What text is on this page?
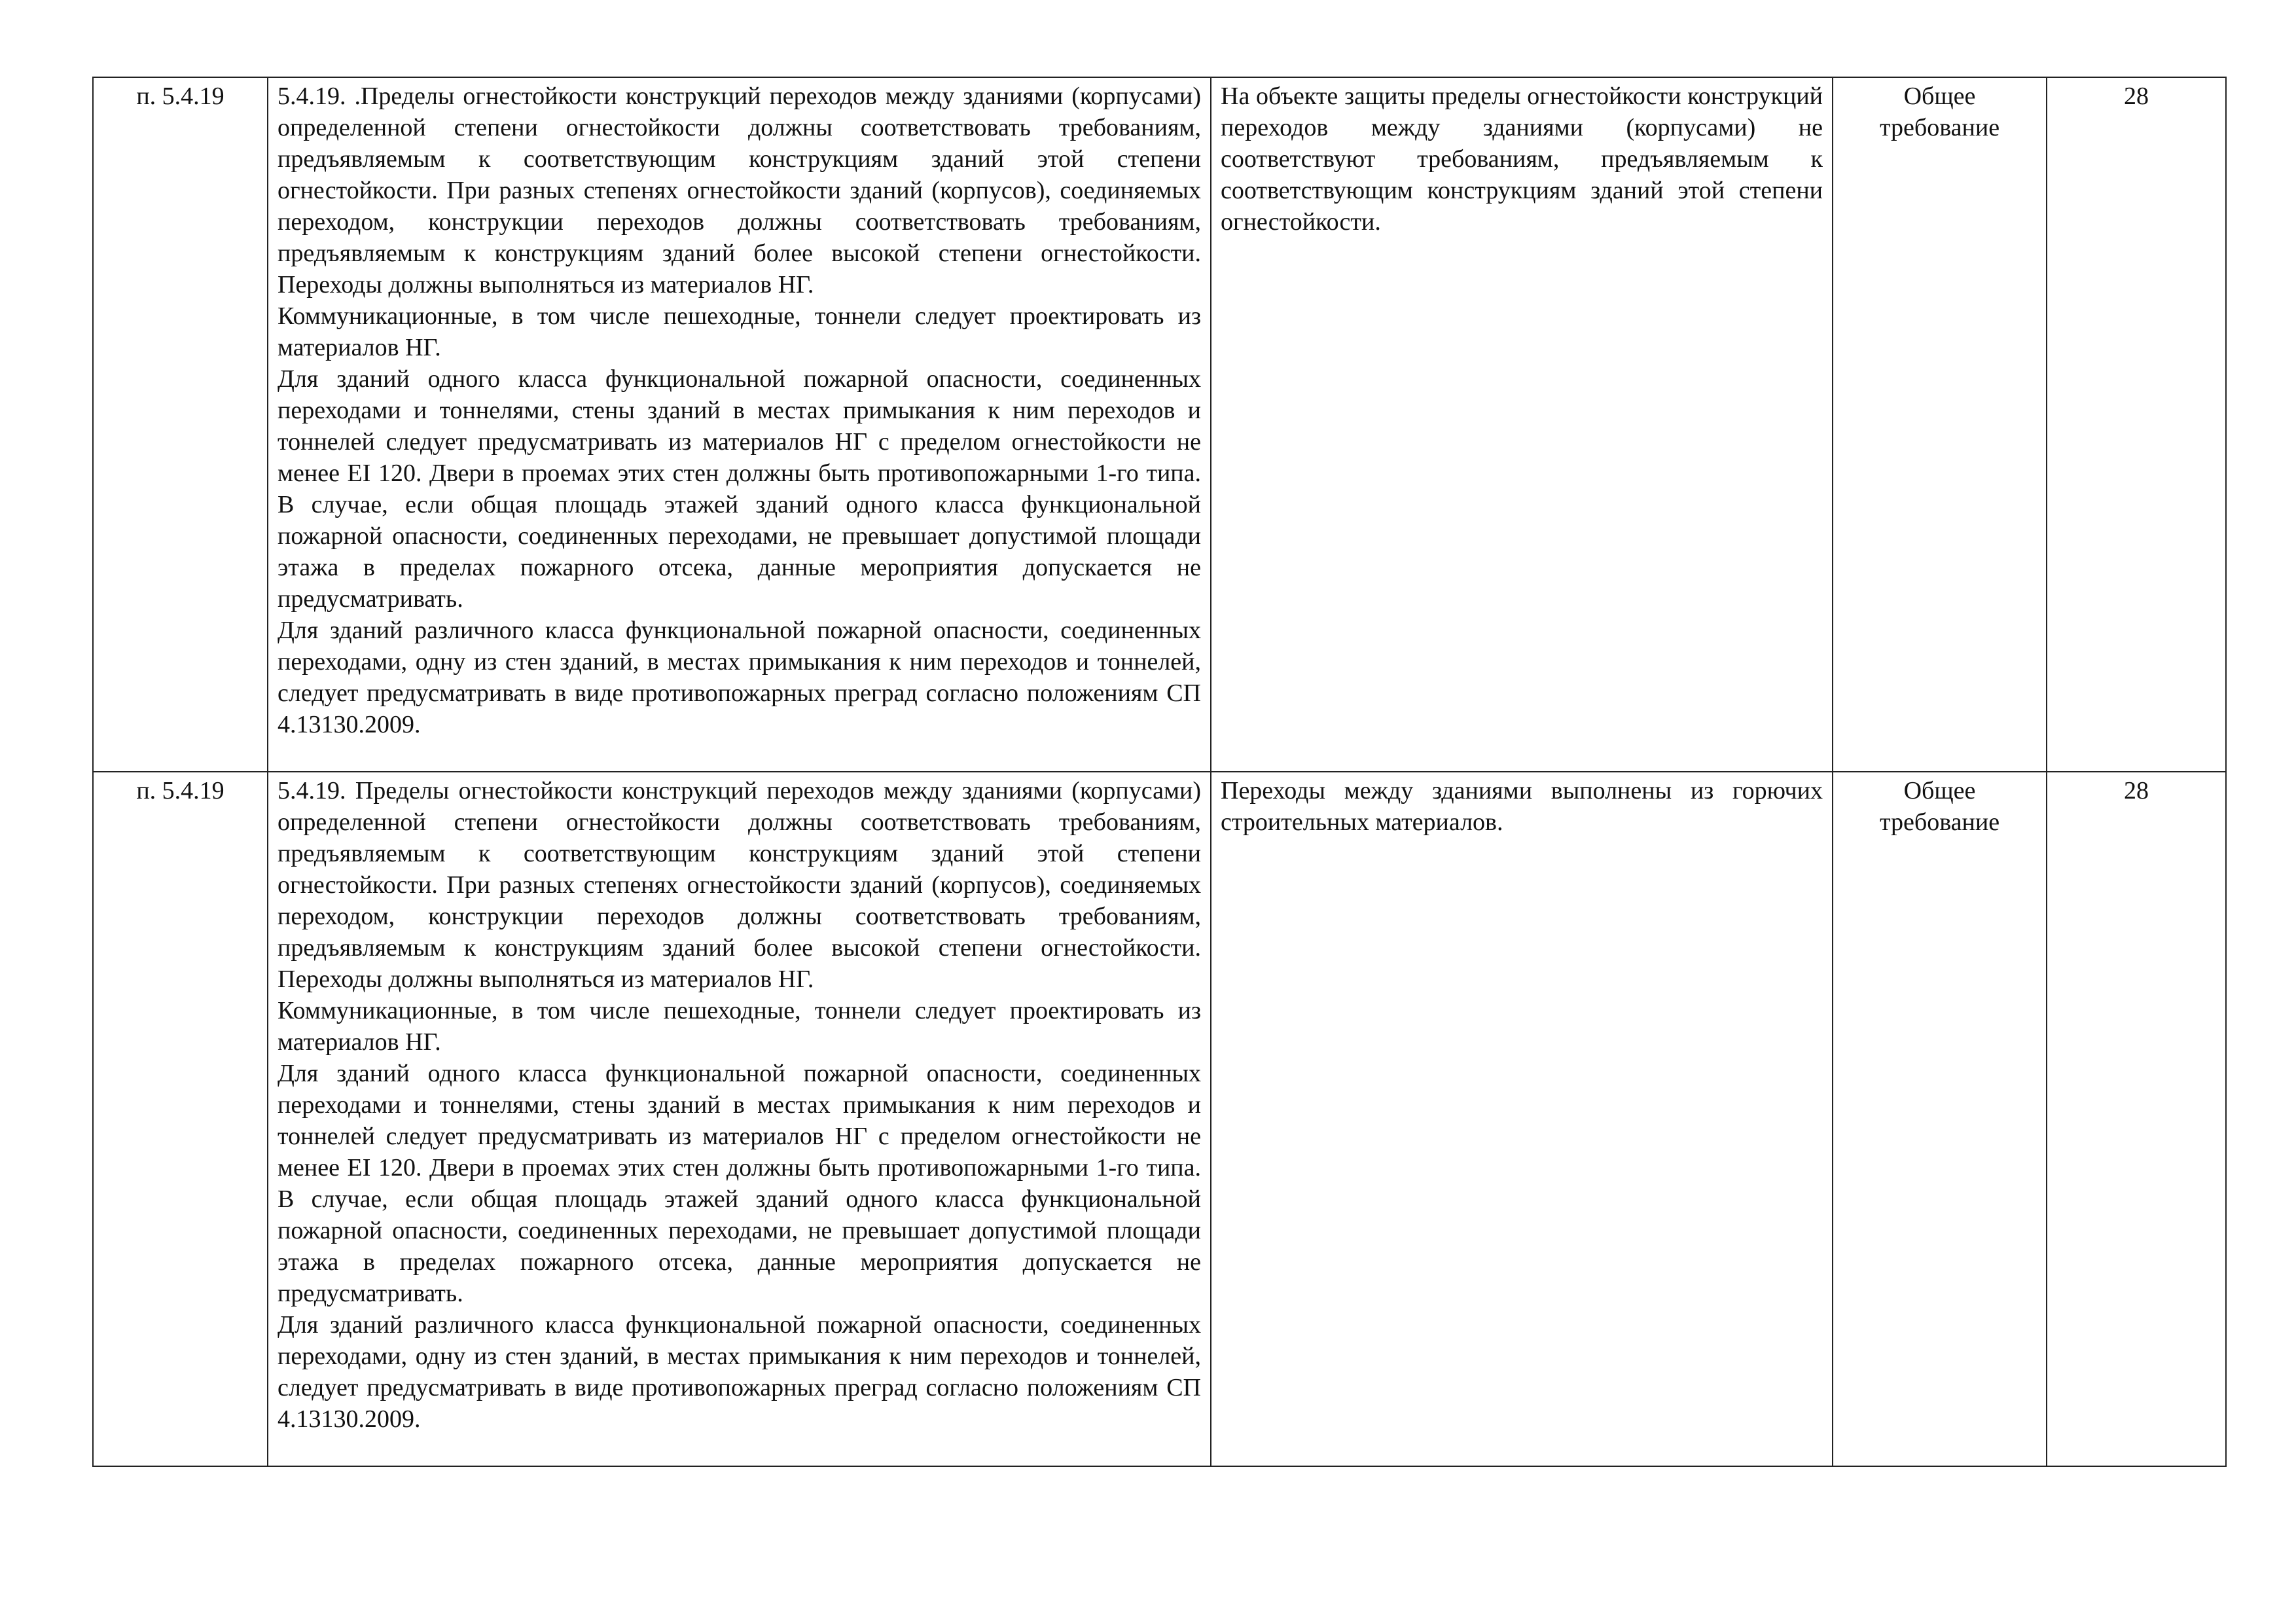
п. 5.4.19	5.4.19. .Пределы огнестойкости конструкций переходов между зданиями (корпусами) определенной степени огнестойкости должны соответствовать требованиям, предъявляемым к соответствующим конструкциям зданий этой степени огнестойкости. При разных степенях огнестойкости зданий (корпусов), соединяемых переходом, конструкции переходов должны соответствовать требованиям, предъявляемым к конструкциям зданий более высокой степени огнестойкости. Переходы должны выполняться из материалов НГ.
Коммуникационные, в том числе пешеходные, тоннели следует проектировать из материалов НГ.
Для зданий одного класса функциональной пожарной опасности, соединенных переходами и тоннелями, стены зданий в местах примыкания к ним переходов и тоннелей следует предусматривать из материалов НГ с пределом огнестойкости не менее EI 120. Двери в проемах этих стен должны быть противопожарными 1-го типа. В случае, если общая площадь этажей зданий одного класса функциональной пожарной опасности, соединенных переходами, не превышает допустимой площади этажа в пределах пожарного отсека, данные мероприятия допускается не предусматривать.
Для зданий различного класса функциональной пожарной опасности, соединенных переходами, одну из стен зданий, в местах примыкания к ним переходов и тоннелей, следует предусматривать в виде противопожарных преград согласно положениям СП 4.13130.2009.	На объекте защиты пределы огнестойкости конструкций переходов между зданиями (корпусами) не соответствуют требованиям, предъявляемым к соответствующим конструкциям зданий этой степени огнестойкости.	Общее требование	28
п. 5.4.19	5.4.19. Пределы огнестойкости конструкций переходов между зданиями (корпусами) определенной степени огнестойкости должны соответствовать требованиям, предъявляемым к соответствующим конструкциям зданий этой степени огнестойкости. При разных степенях огнестойкости зданий (корпусов), соединяемых переходом, конструкции переходов должны соответствовать требованиям, предъявляемым к конструкциям зданий более высокой степени огнестойкости. Переходы должны выполняться из материалов НГ.
Коммуникационные, в том числе пешеходные, тоннели следует проектировать из материалов НГ.
Для зданий одного класса функциональной пожарной опасности, соединенных переходами и тоннелями, стены зданий в местах примыкания к ним переходов и тоннелей следует предусматривать из материалов НГ с пределом огнестойкости не менее EI 120. Двери в проемах этих стен должны быть противопожарными 1-го типа. В случае, если общая площадь этажей зданий одного класса функциональной пожарной опасности, соединенных переходами, не превышает допустимой площади этажа в пределах пожарного отсека, данные мероприятия допускается не предусматривать.
Для зданий различного класса функциональной пожарной опасности, соединенных переходами, одну из стен зданий, в местах примыкания к ним переходов и тоннелей, следует предусматривать в виде противопожарных преград согласно положениям СП 4.13130.2009.	Переходы между зданиями выполнены из горючих строительных материалов.	Общее требование	28
